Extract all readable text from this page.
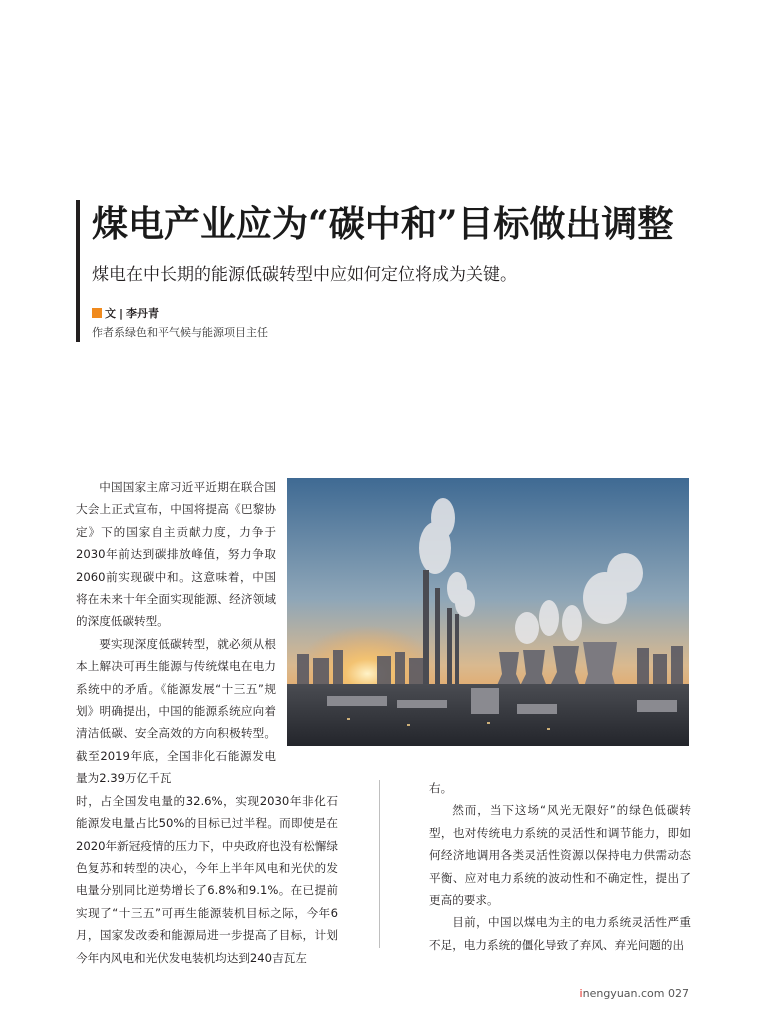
煤电产业应为“碳中和”目标做出调整
煤电在中长期的能源低碳转型中应如何定位将成为关键。
文 | 李丹青
作者系绿色和平气候与能源项目主任

中国国家主席习近平近期在联合国大会上正式宣布，中国将提高《巴黎协定》下的国家自主贡献力度，力争于2030年前达到碳排放峰值，努力争取2060前实现碳中和。这意味着，中国将在未来十年全面实现能源、经济领域的深度低碳转型。

要实现深度低碳转型，就必须从根本上解决可再生能源与传统煤电在电力系统中的矛盾。《能源发展“十三五”规划》明确提出，中国的能源系统应向着清洁低碳、安全高效的方向积极转型。截至2019年底，全国非化石能源发电量为2.39万亿千瓦

时，占全国发电量的32.6%，实现2030年非化石能源发电量占比50%的目标已过半程。而即使是在2020年新冠疫情的压力下，中央政府也没有松懈绿色复苏和转型的决心，今年上半年风电和光伏的发电量分别同比逆势增长了6.8%和9.1%。在已提前实现了“十三五”可再生能源装机目标之际，今年6月，国家发改委和能源局进一步提高了目标，计划今年内风电和光伏发电装机均达到240吉瓦左

右。

然而，当下这场“风光无限好”的绿色低碳转型，也对传统电力系统的灵活性和调节能力，即如何经济地调用各类灵活性资源以保持电力供需动态平衡、应对电力系统的波动性和不确定性，提出了更高的要求。

目前，中国以煤电为主的电力系统灵活性严重不足，电力系统的僵化导致了弃风、弃光问题的出

inengyuan.com 027
